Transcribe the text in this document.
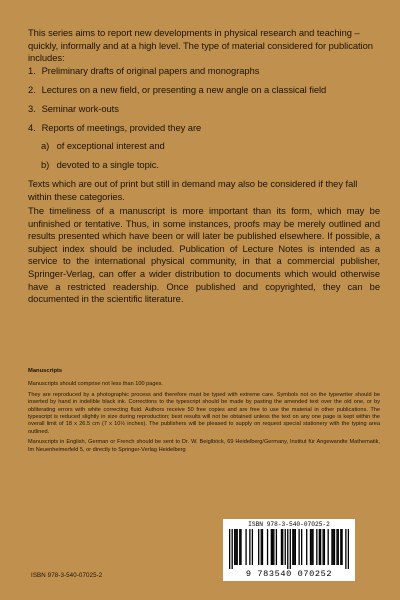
This series aims to report new developments in physical research and teaching – quickly, informally and at a high level. The type of material considered for publication includes:

1. Preliminary drafts of original papers and monographs
2. Lectures on a new field, or presenting a new angle on a classical field
3. Seminar work-outs
4. Reports of meetings, provided they are
a) of exceptional interest and
b) devoted to a single topic.

Texts which are out of print but still in demand may also be considered if they fall within these categories.

The timeliness of a manuscript is more important than its form, which may be unfinished or tentative. Thus, in some instances, proofs may be merely outlined and results presented which have been or will later be published elsewhere. If possible, a subject index should be included. Publication of Lecture Notes is intended as a service to the international physical community, in that a commercial publisher, Springer-Verlag, can offer a wider distribution to documents which would otherwise have a restricted readership. Once published and copyrighted, they can be documented in the scientific literature.

Manuscripts

Manuscripts should comprise not less than 100 pages.

They are reproduced by a photographic process and therefore must be typed with extreme care. Symbols not on the typewriter should be inserted by hand in indelible black ink. Corrections to the typescript should be made by pasting the amended text over the old one, or by obliterating errors with white correcting fluid. Authors receive 50 free copies and are free to use the material in other publications. The typescript is reduced slightly in size during reproduction; best results will not be obtained unless the text on any one page is kept within the overall limit of 18 x 26.5 cm (7 x 10½ inches). The publishers will be pleased to supply on request special stationery with the typing area outlined.

Manuscripts in English, German or French should be sent to Dr. W. Beiglböck, 69 Heidelberg/Germany, Institut für Angewandte Mathematik, Im Neuenheimerfeld 5, or directly to Springer-Verlag Heidelberg

ISBN 978-3-540-07025-2
ISBN 978-3-540-07025-2
9 783540 070252
